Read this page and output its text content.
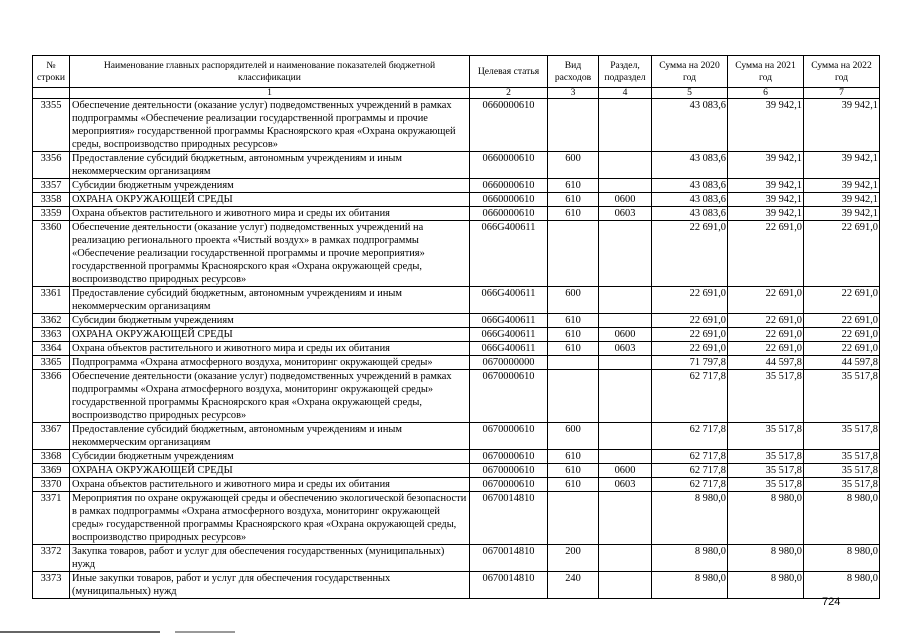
№ строки	Наименование главных распорядителей и наименование показателей бюджетной классификации	Целевая статья	Вид расходов	Раздел, подраздел	Сумма на 2020 год	Сумма на 2021 год	Сумма на 2022 год
	1	2	3	4	5	6	7
3355	Обеспечение деятельности (оказание услуг) подведомственных учреждений в рамках подпрограммы «Обеспечение реализации государственной программы и прочие мероприятия» государственной программы Красноярского края «Охрана окружающей среды, воспроизводство природных ресурсов»	0660000610			43 083,6	39 942,1	39 942,1
3356	Предоставление субсидий бюджетным, автономным учреждениям и иным некоммерческим организациям	0660000610	600		43 083,6	39 942,1	39 942,1
3357	Субсидии бюджетным учреждениям	0660000610	610		43 083,6	39 942,1	39 942,1
3358	ОХРАНА ОКРУЖАЮЩЕЙ СРЕДЫ	0660000610	610	0600	43 083,6	39 942,1	39 942,1
3359	Охрана объектов растительного и животного мира и среды их обитания	0660000610	610	0603	43 083,6	39 942,1	39 942,1
3360	Обеспечение деятельности (оказание услуг) подведомственных учреждений на реализацию регионального проекта «Чистый воздух» в рамках подпрограммы «Обеспечение реализации государственной программы и прочие мероприятия» государственной программы Красноярского края «Охрана окружающей среды, воспроизводство природных ресурсов»	066G400611			22 691,0	22 691,0	22 691,0
3361	Предоставление субсидий бюджетным, автономным учреждениям и иным некоммерческим организациям	066G400611	600		22 691,0	22 691,0	22 691,0
3362	Субсидии бюджетным учреждениям	066G400611	610		22 691,0	22 691,0	22 691,0
3363	ОХРАНА ОКРУЖАЮЩЕЙ СРЕДЫ	066G400611	610	0600	22 691,0	22 691,0	22 691,0
3364	Охрана объектов растительного и животного мира и среды их обитания	066G400611	610	0603	22 691,0	22 691,0	22 691,0
3365	Подпрограмма «Охрана атмосферного воздуха, мониторинг окружающей среды»	0670000000			71 797,8	44 597,8	44 597,8
3366	Обеспечение деятельности (оказание услуг) подведомственных учреждений в рамках подпрограммы «Охрана атмосферного воздуха, мониторинг окружающей среды» государственной программы Красноярского края «Охрана окружающей среды, воспроизводство природных ресурсов»	0670000610			62 717,8	35 517,8	35 517,8
3367	Предоставление субсидий бюджетным, автономным учреждениям и иным некоммерческим организациям	0670000610	600		62 717,8	35 517,8	35 517,8
3368	Субсидии бюджетным учреждениям	0670000610	610		62 717,8	35 517,8	35 517,8
3369	ОХРАНА ОКРУЖАЮЩЕЙ СРЕДЫ	0670000610	610	0600	62 717,8	35 517,8	35 517,8
3370	Охрана объектов растительного и животного мира и среды их обитания	0670000610	610	0603	62 717,8	35 517,8	35 517,8
3371	Мероприятия по охране окружающей среды и обеспечению экологической безопасности в рамках подпрограммы «Охрана атмосферного воздуха, мониторинг окружающей среды» государственной программы Красноярского края «Охрана окружающей среды, воспроизводство природных ресурсов»	0670014810			8 980,0	8 980,0	8 980,0
3372	Закупка товаров, работ и услуг для обеспечения государственных (муниципальных) нужд	0670014810	200		8 980,0	8 980,0	8 980,0
3373	Иные закупки товаров, работ и услуг для обеспечения государственных (муниципальных) нужд	0670014810	240		8 980,0	8 980,0	8 980,0
724
